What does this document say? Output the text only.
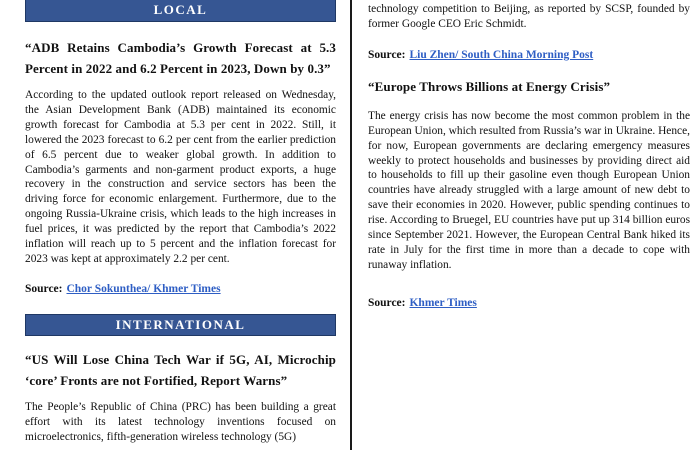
LOCAL
“ADB Retains Cambodia’s Growth Forecast at 5.3 Percent in 2022 and 6.2 Percent in 2023, Down by 0.3”
According to the updated outlook report released on Wednesday, the Asian Development Bank (ADB) maintained its economic growth forecast for Cambodia at 5.3 per cent in 2022. Still, it lowered the 2023 forecast to 6.2 per cent from the earlier prediction of 6.5 percent due to weaker global growth. In addition to Cambodia’s garments and non-garment product exports, a huge recovery in the construction and service sectors has been the driving force for economic enlargement. Furthermore, due to the ongoing Russia-Ukraine crisis, which leads to the high increases in fuel prices, it was predicted by the report that Cambodia’s 2022 inflation will reach up to 5 percent and the inflation forecast for 2023 was kept at approximately 2.2 per cent.
Source: Chor Sokunthea/ Khmer Times
INTERNATIONAL
“US Will Lose China Tech War if 5G, AI, Microchip ‘core’ Fronts are not Fortified, Report Warns”
The People’s Republic of China (PRC) has been building a great effort with its latest technology inventions focused on microelectronics, fifth-generation wireless technology (5G)
technology competition to Beijing, as reported by SCSP, founded by former Google CEO Eric Schmidt.
Source: Liu Zhen/ South China Morning Post
“Europe Throws Billions at Energy Crisis”
The energy crisis has now become the most common problem in the European Union, which resulted from Russia’s war in Ukraine. Hence, for now, European governments are declaring emergency measures weekly to protect households and businesses by providing direct aid to households to fill up their gasoline even though European Union countries have already struggled with a large amount of new debt to save their economies in 2020. However, public spending continues to rise. According to Bruegel, EU countries have put up 314 billion euros since September 2021. However, the European Central Bank hiked its rate in July for the first time in more than a decade to cope with runaway inflation.
Source: Khmer Times
